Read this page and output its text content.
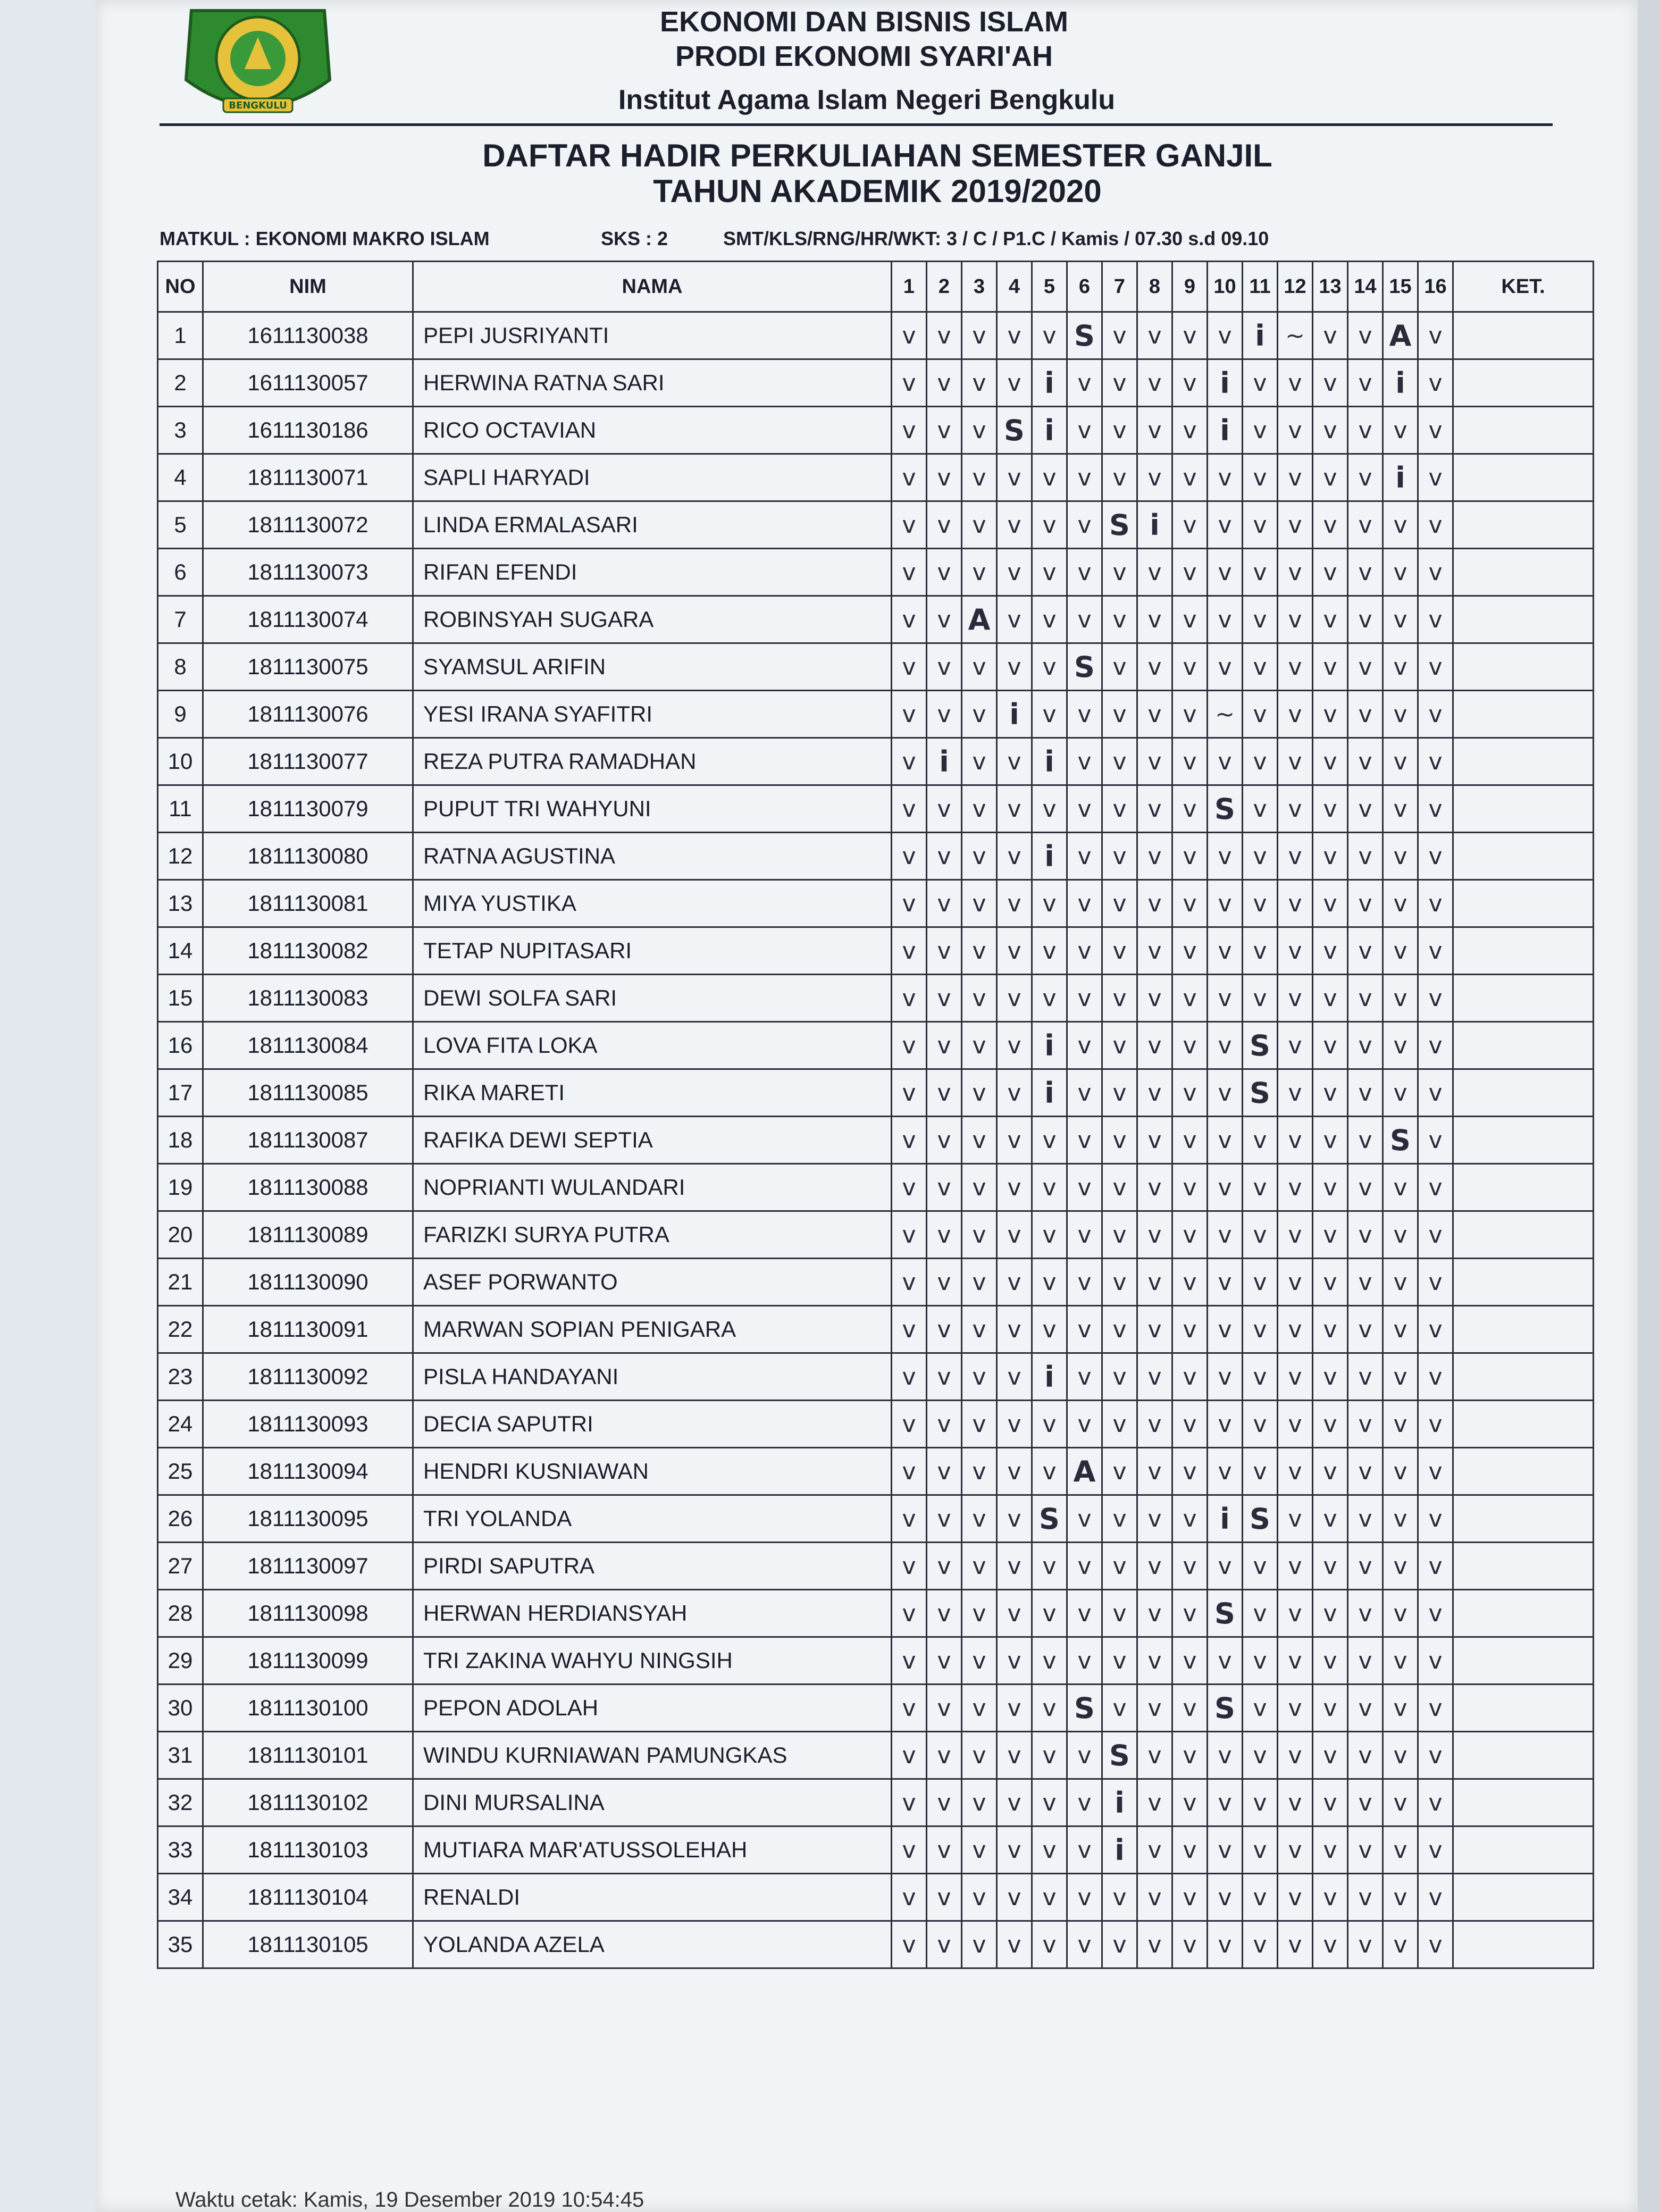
BENGKULU
EKONOMI DAN BISNIS ISLAM
PRODI EKONOMI SYARI'AH
Institut Agama Islam Negeri Bengkulu
DAFTAR HADIR PERKULIAHAN SEMESTER GANJIL
TAHUN AKADEMIK 2019/2020
MATKUL : EKONOMI MAKRO ISLAM	SKS : 2	SMT/KLS/RNG/HR/WKT: 3 / C / P1.C / Kamis / 07.30 s.d 09.10
NO	NIM	NAMA	1	2	3	4	5	6	7	8	9	10	11	12	13	14	15	16	KET.
1	1611130038	PEPI JUSRIYANTI	v	v	v	v	v	S	v	v	v	v	i	~	v	v	A	v	
2	1611130057	HERWINA RATNA SARI	v	v	v	v	i	v	v	v	v	i	v	v	v	v	i	v	
3	1611130186	RICO OCTAVIAN	v	v	v	S	i	v	v	v	v	i	v	v	v	v	v	v	
4	1811130071	SAPLI HARYADI	v	v	v	v	v	v	v	v	v	v	v	v	v	v	i	v	
5	1811130072	LINDA ERMALASARI	v	v	v	v	v	v	S	i	v	v	v	v	v	v	v	v	
6	1811130073	RIFAN EFENDI	v	v	v	v	v	v	v	v	v	v	v	v	v	v	v	v	
7	1811130074	ROBINSYAH SUGARA	v	v	A	v	v	v	v	v	v	v	v	v	v	v	v	v	
8	1811130075	SYAMSUL ARIFIN	v	v	v	v	v	S	v	v	v	v	v	v	v	v	v	v	
9	1811130076	YESI IRANA SYAFITRI	v	v	v	i	v	v	v	v	v	~	v	v	v	v	v	v	
10	1811130077	REZA PUTRA RAMADHAN	v	i	v	v	i	v	v	v	v	v	v	v	v	v	v	v	
11	1811130079	PUPUT TRI WAHYUNI	v	v	v	v	v	v	v	v	v	S	v	v	v	v	v	v	
12	1811130080	RATNA AGUSTINA	v	v	v	v	i	v	v	v	v	v	v	v	v	v	v	v	
13	1811130081	MIYA YUSTIKA	v	v	v	v	v	v	v	v	v	v	v	v	v	v	v	v	
14	1811130082	TETAP NUPITASARI	v	v	v	v	v	v	v	v	v	v	v	v	v	v	v	v	
15	1811130083	DEWI SOLFA SARI	v	v	v	v	v	v	v	v	v	v	v	v	v	v	v	v	
16	1811130084	LOVA FITA LOKA	v	v	v	v	i	v	v	v	v	v	S	v	v	v	v	v	
17	1811130085	RIKA MARETI	v	v	v	v	i	v	v	v	v	v	S	v	v	v	v	v	
18	1811130087	RAFIKA DEWI SEPTIA	v	v	v	v	v	v	v	v	v	v	v	v	v	v	S	v	
19	1811130088	NOPRIANTI WULANDARI	v	v	v	v	v	v	v	v	v	v	v	v	v	v	v	v	
20	1811130089	FARIZKI SURYA PUTRA	v	v	v	v	v	v	v	v	v	v	v	v	v	v	v	v	
21	1811130090	ASEF PORWANTO	v	v	v	v	v	v	v	v	v	v	v	v	v	v	v	v	
22	1811130091	MARWAN SOPIAN PENIGARA	v	v	v	v	v	v	v	v	v	v	v	v	v	v	v	v	
23	1811130092	PISLA HANDAYANI	v	v	v	v	i	v	v	v	v	v	v	v	v	v	v	v	
24	1811130093	DECIA SAPUTRI	v	v	v	v	v	v	v	v	v	v	v	v	v	v	v	v	
25	1811130094	HENDRI KUSNIAWAN	v	v	v	v	v	A	v	v	v	v	v	v	v	v	v	v	
26	1811130095	TRI YOLANDA	v	v	v	v	S	v	v	v	v	i	S	v	v	v	v	v	
27	1811130097	PIRDI SAPUTRA	v	v	v	v	v	v	v	v	v	v	v	v	v	v	v	v	
28	1811130098	HERWAN HERDIANSYAH	v	v	v	v	v	v	v	v	v	S	v	v	v	v	v	v	
29	1811130099	TRI ZAKINA WAHYU NINGSIH	v	v	v	v	v	v	v	v	v	v	v	v	v	v	v	v	
30	1811130100	PEPON ADOLAH	v	v	v	v	v	S	v	v	v	S	v	v	v	v	v	v	
31	1811130101	WINDU KURNIAWAN PAMUNGKAS	v	v	v	v	v	v	S	v	v	v	v	v	v	v	v	v	
32	1811130102	DINI MURSALINA	v	v	v	v	v	v	i	v	v	v	v	v	v	v	v	v	
33	1811130103	MUTIARA MAR'ATUSSOLEHAH	v	v	v	v	v	v	i	v	v	v	v	v	v	v	v	v	
34	1811130104	RENALDI	v	v	v	v	v	v	v	v	v	v	v	v	v	v	v	v	
35	1811130105	YOLANDA AZELA	v	v	v	v	v	v	v	v	v	v	v	v	v	v	v	v	
Waktu cetak: Kamis, 19 Desember 2019 10:54:45
